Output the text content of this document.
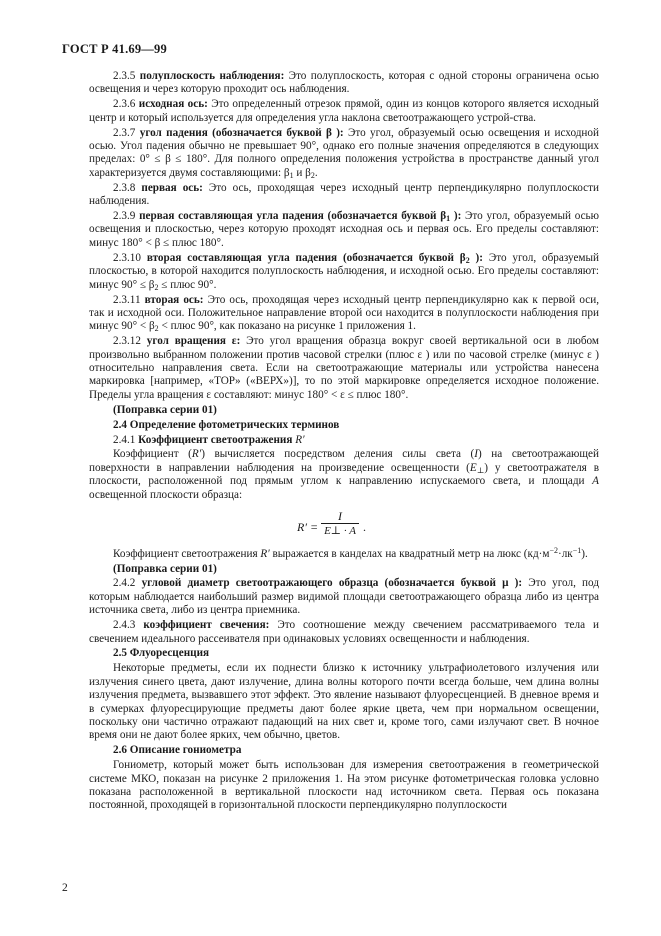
ГОСТ Р 41.69—99

2.3.5 полуплоскость наблюдения: Это полуплоскость, которая с одной стороны ограничена осью освещения и через которую проходит ось наблюдения.

2.3.6 исходная ось: Это определенный отрезок прямой, один из концов которого является исходный центр и который используется для определения угла наклона светоотражающего устрой-ства.

2.3.7 угол падения (обозначается буквой β ): Это угол, образуемый осью освещения и исходной осью. Угол падения обычно не превышает 90°, однако его полные значения определяются в следующих пределах: 0° ≤ β ≤ 180°. Для полного определения положения устройства в пространстве данный угол характеризуется двумя составляющими: $\beta_1$ и $\beta_2$.

2.3.8 первая ось: Это ось, проходящая через исходный центр перпендикулярно полуплоскости наблюдения.

2.3.9 первая составляющая угла падения (обозначается буквой $\beta_1$ ): Это угол, образуемый осью освещения и плоскостью, через которую проходят исходная ось и первая ось. Его пределы составляют: минус 180° < β ≤ плюс 180°.

2.3.10 вторая составляющая угла падения (обозначается буквой $\beta_2$ ): Это угол, образуемый плоскостью, в которой находится полуплоскость наблюдения, и исходной осью. Его пределы составляют: минус $90^\circ \le \beta_2$ ≤ плюс 90°.

2.3.11 вторая ось: Это ось, проходящая через исходный центр перпендикулярно как к первой оси, так и исходной оси. Положительное направление второй оси находится в полуплоскости наблюдения при минус $90^\circ < \beta_2$ < плюс 90°, как показано на рисунке 1 приложения 1.

2.3.12 угол вращения ε: Это угол вращения образца вокруг своей вертикальной оси в любом произвольно выбранном положении против часовой стрелки (плюс ε ) или по часовой стрелке (минус ε ) относительно направления света. Если на светоотражающие материалы или устройства нанесена маркировка [например, «TOP» («ВЕРХ»)], то по этой маркировке определяется исходное положение. Пределы угла вращения ε составляют: минус 180° < ε ≤ плюс 180°.

(Поправка серии 01)

2.4 Определение фотометрических терминов

2.4.1 Коэффициент светоотражения R′

Коэффициент (R′) вычисляется посредством деления силы света (I) на светоотражающей поверхности в направлении наблюдения на произведение освещенности $(E_\perp)$ у светоотражателя в плоскости, расположенной под прямым углом к направлению испускаемого света, и площади A освещенной плоскости образца:

$R' = \frac{I}{E\perp \cdot A}$ .

Коэффициент светоотражения R′ выражается в канделах на квадратный метр на люкс $(кд\cdot м^{-2}\cdot лк^{-1})$.

(Поправка серии 01)

2.4.2 угловой диаметр светоотражающего образца (обозначается буквой μ ): Это угол, под которым наблюдается наибольший размер видимой площади светоотражающего образца либо из центра источника света, либо из центра приемника.

2.4.3 коэффициент свечения: Это соотношение между свечением рассматриваемого тела и свечением идеального рассеивателя при одинаковых условиях освещенности и наблюдения.

2.5 Флуоресценция

Некоторые предметы, если их поднести близко к источнику ультрафиолетового излучения или излучения синего цвета, дают излучение, длина волны которого почти всегда больше, чем длина волны излучения предмета, вызвавшего этот эффект. Это явление называют флуоресценцией. В дневное время и в сумерках флуоресцирующие предметы дают более яркие цвета, чем при нормальном освещении, поскольку они частично отражают падающий на них свет и, кроме того, сами излучают свет. В ночное время они не дают более ярких, чем обычно, цветов.

2.6 Описание гониометра

Гониометр, который может быть использован для измерения светоотражения в геометрической системе МКО, показан на рисунке 2 приложения 1. На этом рисунке фотометрическая головка условно показана расположенной в вертикальной плоскости над источником света. Первая ось показана постоянной, проходящей в горизонтальной плоскости перпендикулярно полуплоскости

2
